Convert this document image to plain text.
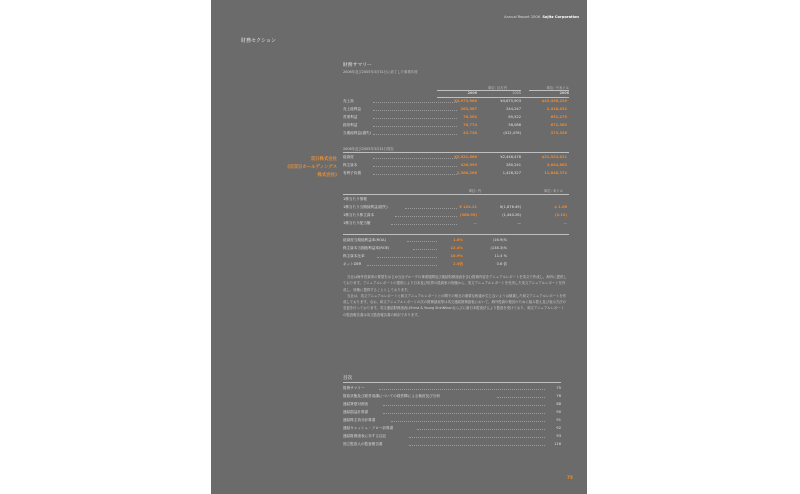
Annual Report 2006 Sojitz Corporation
財務セクション
双日株式会社
(旧双日ホールディングス
株式会社)
財務サマリー
2006年及び2005年3月31日に終了した事業年度
単位: 百万円	単位: 千米ドル
2006	2005	2006
売上高	¥4,973,960	¥4,675,903	$42,456,229
売上総利益	283,387	244,247	2,418,832
営業利益	76,302	65,522	651,279
経常利益	78,774	58,088	672,382
当期純利益(損失)	43,738	(412,476)	373,326
2006年及び2005年3月31日現在
総資産	¥2,521,660	¥2,448,478	$21,523,821
株主資本	426,993	280,241	3,644,663
有利子負債	1,386,266	1,428,327	11,848,374
単位: 円	単位: 米ドル
1株当たり情報
1株当たり当期純利益(損失)	¥ 124.21	¥(1,876.49)	$ 1.06
1株当たり株主資本	(368.95)	(1,440.26)	(3.15)
1株当たり配当額	—	—	—
総資産当期純利益率(ROA)	1.8%	(16.9)%
株主資本当期純利益率(ROE)	12.4%	(138.3)%
株主資本比率	16.9%	11.4 %
ネットDER	2.0倍	3.6 倍

当社は海外投資家の要望をはじめ当社グループの事業展開及び連結財務諸表を含む財務内容をアニュアルレポートを英文で作成し、海外に提供しております。アニュアルレポートの提供により日本及び世界の投資家の皆様から、英文アニュアルレポートを充実した英文アニュアルレポートを作成し、皆様に提供することとしております。

当社は、英文アニュアルレポートと和文アニュアルレポートとの間での相互の重要な相違が生じないようは慎重した和文アニュアルレポートを作成しております。なお、和文アニュアルレポートの次の財務諸表等は英文連結財務諸表において、海外投資の便宜のために組み替え及び表示方法の変更を行っております。英文連結財務諸表はErnst & Young ShinNihonならびに新日本監査法人より監査を受けており、和文アニュアルレポートの監査報告書は英文監査報告書の和訳であります。

目次
財務サマリー	75
財政状態及び経営成績についての経営陣による検討及び分析	76
連結貸借対照表	88
連結損益計算書	90
連結株主持分計算書	91
連結キャッシュ・フロー計算書	92
連結財務諸表に対する注記	93
独立監査人の監査報告書	116
75
